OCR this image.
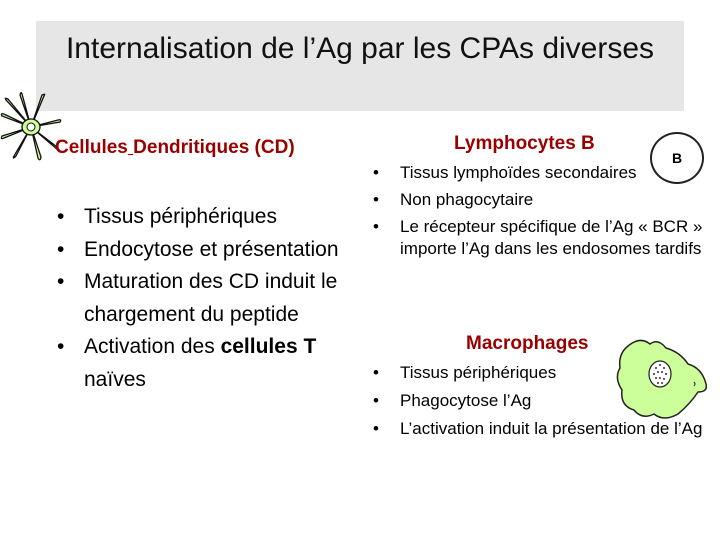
Internalisation de l’Ag par les CPAs diverses
Cellules Dendritiques (CD)
• Tissus périphériques
• Endocytose et présentation
• Maturation des CD induit le chargement du peptide
• Activation des cellules T naïves
Lymphocytes B
B
• Tissus lymphoïdes secondaires
• Non phagocytaire
• Le récepteur spécifique de l’Ag « BCR » importe l’Ag dans les endosomes tardifs
Macrophages
• Tissus périphériques
• Phagocytose l’Ag
• L’activation induit la présentation de l’Ag
